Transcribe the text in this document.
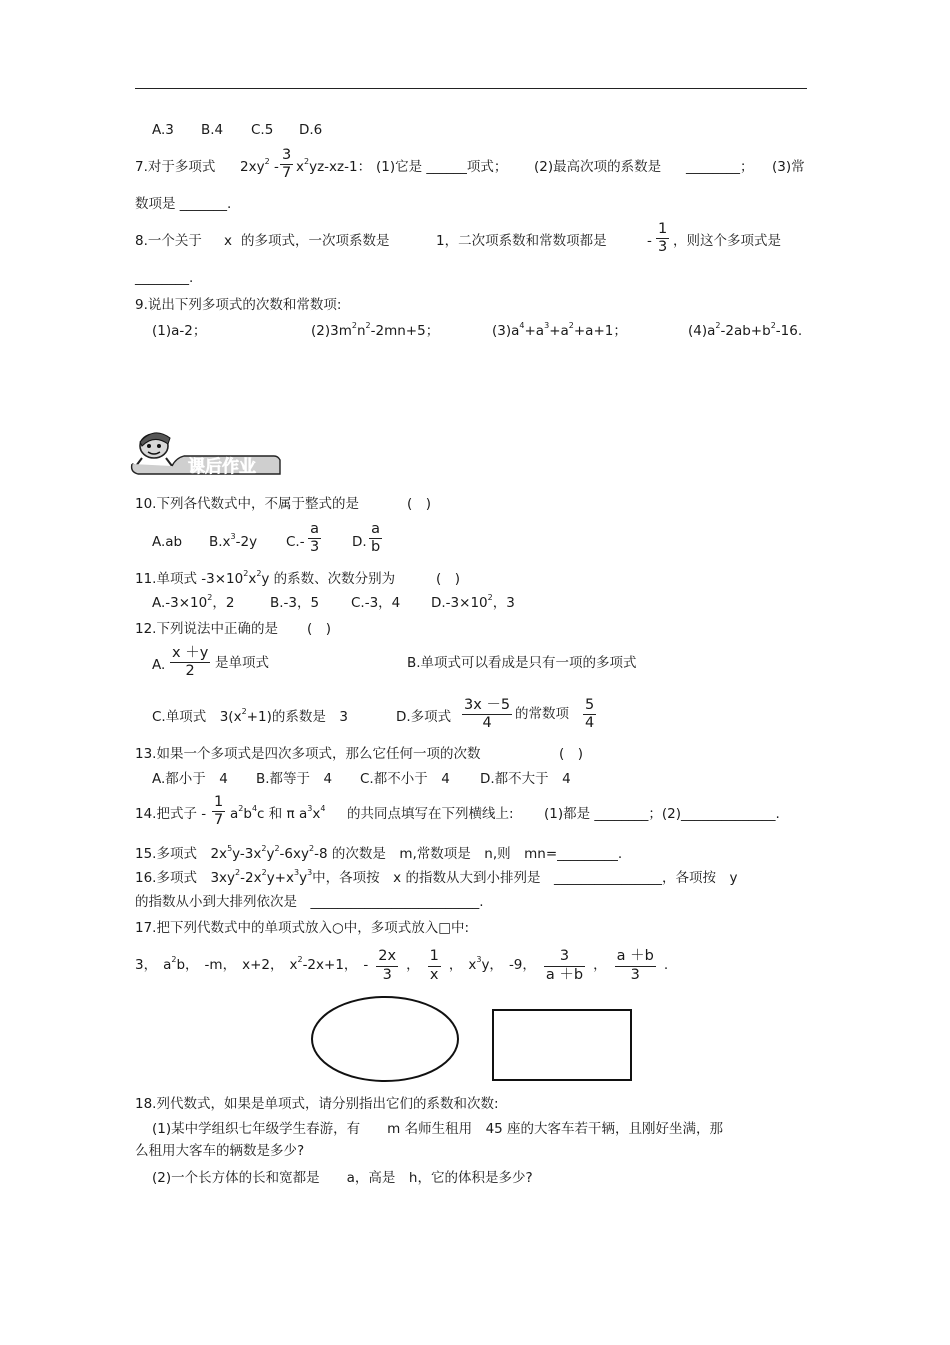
A.3 B.4 C.5 D.6
7.对于多项式 $2xy^2 - \frac{3}{7} x^2yz-xz-1$： (1)它是 ______项式； (2)最高次项的系数是 ________； (3)常
数项是 _______.
8.一个关于 x 的多项式，一次项系数是	1，二次项系数和常数项都是	- $\frac{1}{3}$ ，则这个多项式是
________.
9.说出下列多项式的次数和常数项:
(1)a-2；	$(2)3m^2n^2-2mn+5$；	$(3)a^4+a^3+a^2+a+1$；	$(4)a^2-2ab+b^2-16$.
课后作业
10.下列各代数式中，不属于整式的是	(　)
A.ab $B.x^3-2y$ $C.- \frac{a}{3} D$. $\frac{a}{b}$
11.单项式 $-3\times 10^2x^2y$ 的系数、次数分别为	(　)
$A.-3\times 10^2$，2	B.-3，5 C.-3，4 $D.-3\times 10^2$，3
12.下列说法中正确的是 (　)
A. $\frac{x +y}{2}$ 是单项式	B.单项式可以看成是只有一项的多项式
C.单项式　$3(x^2+1)$的系数是　3	D.多项式 $\frac{3x -5}{4}$ 的常数项 $\frac{5}{4}$
13.如果一个多项式是四次多项式，那么它任何一项的次数	(　)
A.都小于　4 B.都等于　4 C.都不小于　4 D.都不大于　4
14.把式子 - $\frac{1}{7} a^2b^4c$ 和 π $a^3x^4$ 的共同点填写在下列横线上: (1)都是 ________；(2)______________.
15.多项式　$2x^5y-3x^2y^2-6xy^2-8$ 的次数是　m,常数项是　n,则　mn=_________.
16.多项式　$3xy^2-2x^2y+x^3y^3$中，各项按　x 的指数从大到小排列是　________________，各项按　y
的指数从小到大排列依次是　_________________________.
17.把下列代数式中的单项式放入○中，多项式放入□中:
3， $a^2b$， -m， x+2， $x^2-2x+1$， - $\frac{2x}{3}$ ， $\frac{1}{x}$ ， $x^3y$， -9， $\frac{3}{a +b}$ ， $\frac{a +b}{3}$ .
18.列代数式，如果是单项式，请分别指出它们的系数和次数:
(1)某中学组织七年级学生春游，有　　m 名师生租用　45 座的大客车若干辆，且刚好坐满，那
么租用大客车的辆数是多少?
(2)一个长方体的长和宽都是　　a，高是　h，它的体积是多少?
